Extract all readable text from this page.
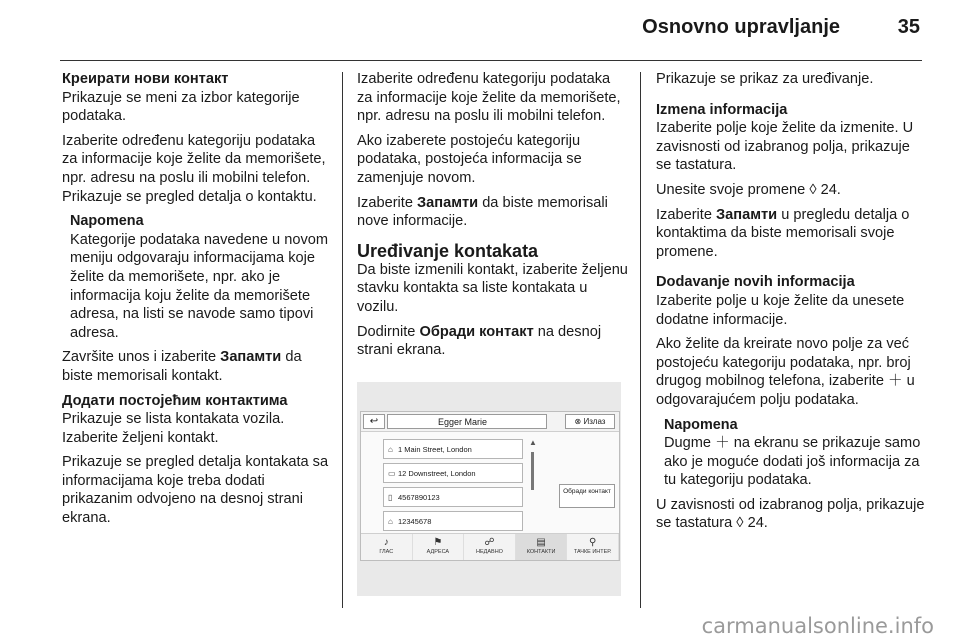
Osnovno upravljanje	35
Креирати нови контакт

Prikazuje se meni za izbor kategorije podataka.

Izaberite određenu kategoriju podataka za informacije koje želite da memorišete, npr. adresu na poslu ili mobilni telefon. Prikazuje se pregled detalja o kontaktu.

Napomena
Kategorije podataka navedene u novom meniju odgovaraju informacijama koje želite da memorišete, npr. ako je informacija koju želite da memorišete adresa, na listi se navode samo tipovi adresa.

Završite unos i izaberite Запамти da biste memorisali kontakt.

Додати постојећим контактима

Prikazuje se lista kontakata vozila. Izaberite željeni kontakt.

Prikazuje se pregled detalja kontakata sa informacijama koje treba dodati prikazanim odvojeno na desnoj strani ekrana.

Izaberite određenu kategoriju podataka za informacije koje želite da memorišete, npr. adresu na poslu ili mobilni telefon.

Ako izaberete postojeću kategoriju podataka, postojeća informacija se zamenjuje novom.

Izaberite Запамти da biste memorisali nove informacije.

Uređivanje kontakata

Da biste izmenili kontakt, izaberite željenu stavku kontakta sa liste kontakata u vozilu.

Dodirnite Обради контакт na desnoj strani ekrana.

↩	Egger Marie	⊗ Излаз
⌂ 1 Main Street, London
▭ 12 Downstreet, London
▯ 4567890123
⌂ 12345678
▲
Обради контакт
♪
ГЛАС
⚑
АДРЕСА
☍
НЕДАВНО
▤
КОНТАКТИ
⚲
ТАЧКЕ ИНТЕР.

Prikazuje se prikaz za uređivanje.

Izmena informacija

Izaberite polje koje želite da izmenite. U zavisnosti od izabranog polja, prikazuje se tastatura.

Unesite svoje promene ◊ 24.

Izaberite Запамти u pregledu detalja o kontaktima da biste memorisali svoje promene.

Dodavanje novih informacija

Izaberite polje u koje želite da unesete dodatne informacije.

Ako želite da kreirate novo polje za već postojeću kategoriju podataka, npr. broj drugog mobilnog telefona, izaberite ＋ u odgovarajućem polju podataka.

Napomena
Dugme ＋ na ekranu se prikazuje samo ako je moguće dodati još informacija za tu kategoriju podataka.

U zavisnosti od izabranog polja, prikazuje se tastatura ◊ 24.

carmanualsonline.info
